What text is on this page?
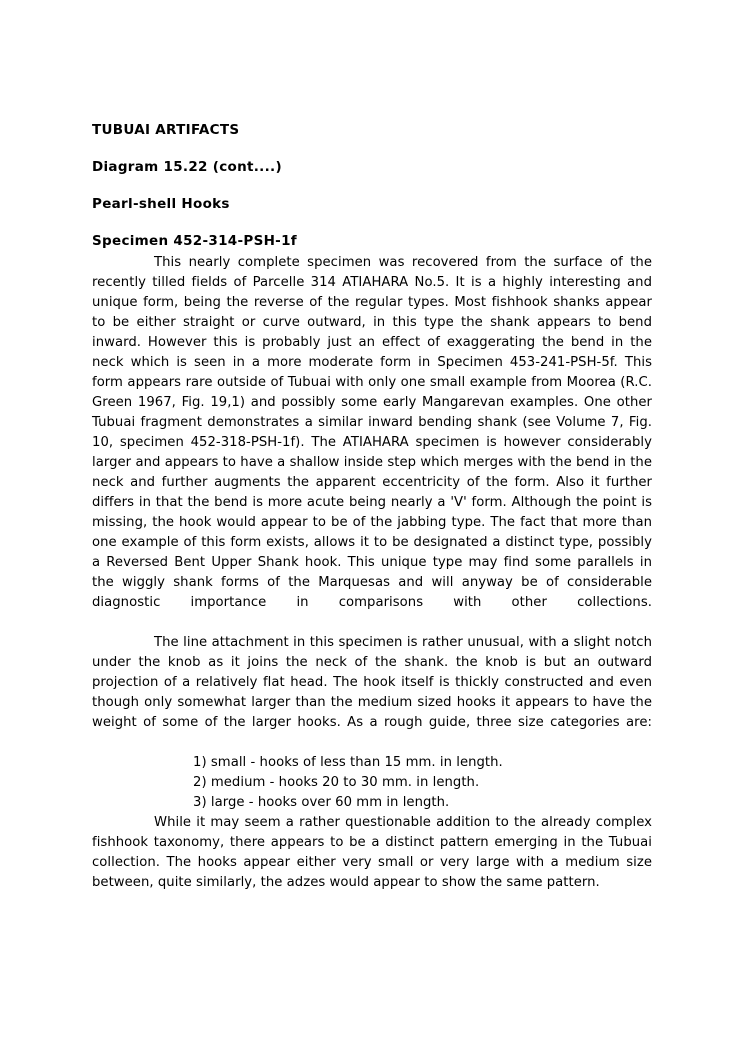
TUBUAI ARTIFACTS
Diagram 15.22 (cont....)
Pearl-shell Hooks
Specimen 452-314-PSH-1f

This nearly complete specimen was recovered from the surface of the recently tilled fields of Parcelle 314 ATIAHARA No.5. It is a highly interesting and unique form, being the reverse of the regular types. Most fishhook shanks appear to be either straight or curve outward, in this type the shank appears to bend inward. However this is probably just an effect of exaggerating the bend in the neck which is seen in a more moderate form in Specimen 453-241-PSH-5f. This form appears rare outside of Tubuai with only one small example from Moorea (R.C. Green 1967, Fig. 19,1) and possibly some early Mangarevan examples. One other Tubuai fragment demonstrates a similar inward bending shank (see Volume 7, Fig. 10, specimen 452-318-PSH-1f). The ATIAHARA specimen is however considerably larger and appears to have a shallow inside step which merges with the bend in the neck and further augments the apparent eccentricity of the form. Also it further differs in that the bend is more acute being nearly a 'V' form. Although the point is missing, the hook would appear to be of the jabbing type. The fact that more than one example of this form exists, allows it to be designated a distinct type, possibly a Reversed Bent Upper Shank hook. This unique type may find some parallels in the wiggly shank forms of the Marquesas and will anyway be of considerable diagnostic importance in comparisons with other collections.

The line attachment in this specimen is rather unusual, with a slight notch under the knob as it joins the neck of the shank. the knob is but an outward projection of a relatively flat head. The hook itself is thickly constructed and even though only somewhat larger than the medium sized hooks it appears to have the weight of some of the larger hooks. As a rough guide, three size categories are:

1) small - hooks of less than 15 mm. in length.
2) medium - hooks 20 to 30 mm. in length.
3) large - hooks over 60 mm in length.

While it may seem a rather questionable addition to the already complex fishhook taxonomy, there appears to be a distinct pattern emerging in the Tubuai collection. The hooks appear either very small or very large with a medium size between, quite similarly, the adzes would appear to show the same pattern.
